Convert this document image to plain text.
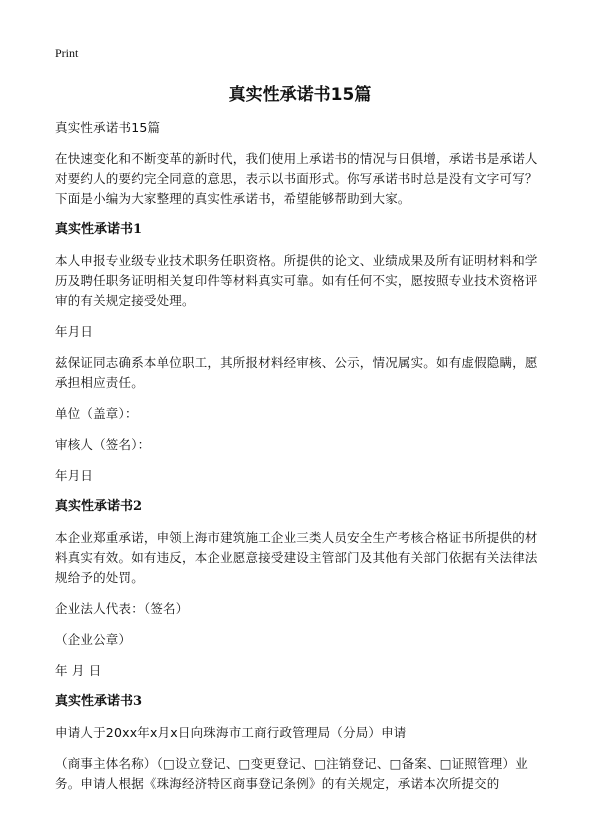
Print
真实性承诺书15篇

真实性承诺书15篇

在快速变化和不断变革的新时代，我们使用上承诺书的情况与日俱增，承诺书是承诺人对要约人的要约完全同意的意思，表示以书面形式。你写承诺书时总是没有文字可写？下面是小编为大家整理的真实性承诺书，希望能够帮助到大家。

真实性承诺书1

本人申报专业级专业技术职务任职资格。所提供的论文、业绩成果及所有证明材料和学历及聘任职务证明相关复印件等材料真实可靠。如有任何不实，愿按照专业技术资格评审的有关规定接受处理。

年月日

兹保证同志确系本单位职工，其所报材料经审核、公示，情况属实。如有虚假隐瞒，愿承担相应责任。

单位（盖章）：

审核人（签名）：

年月日

真实性承诺书2

本企业郑重承诺，申领上海市建筑施工企业三类人员安全生产考核合格证书所提供的材料真实有效。如有违反，本企业愿意接受建设主管部门及其他有关部门依据有关法律法规给予的处罚。

企业法人代表：（签名）

（企业公章）

年 月 日

真实性承诺书3

申请人于20xx年x月x日向珠海市工商行政管理局（分局）申请

（商事主体名称）（□设立登记、□变更登记、□注销登记、□备案、□证照管理）业务。申请人根据《珠海经济特区商事登记条例》的有关规定，承诺本次所提交的
